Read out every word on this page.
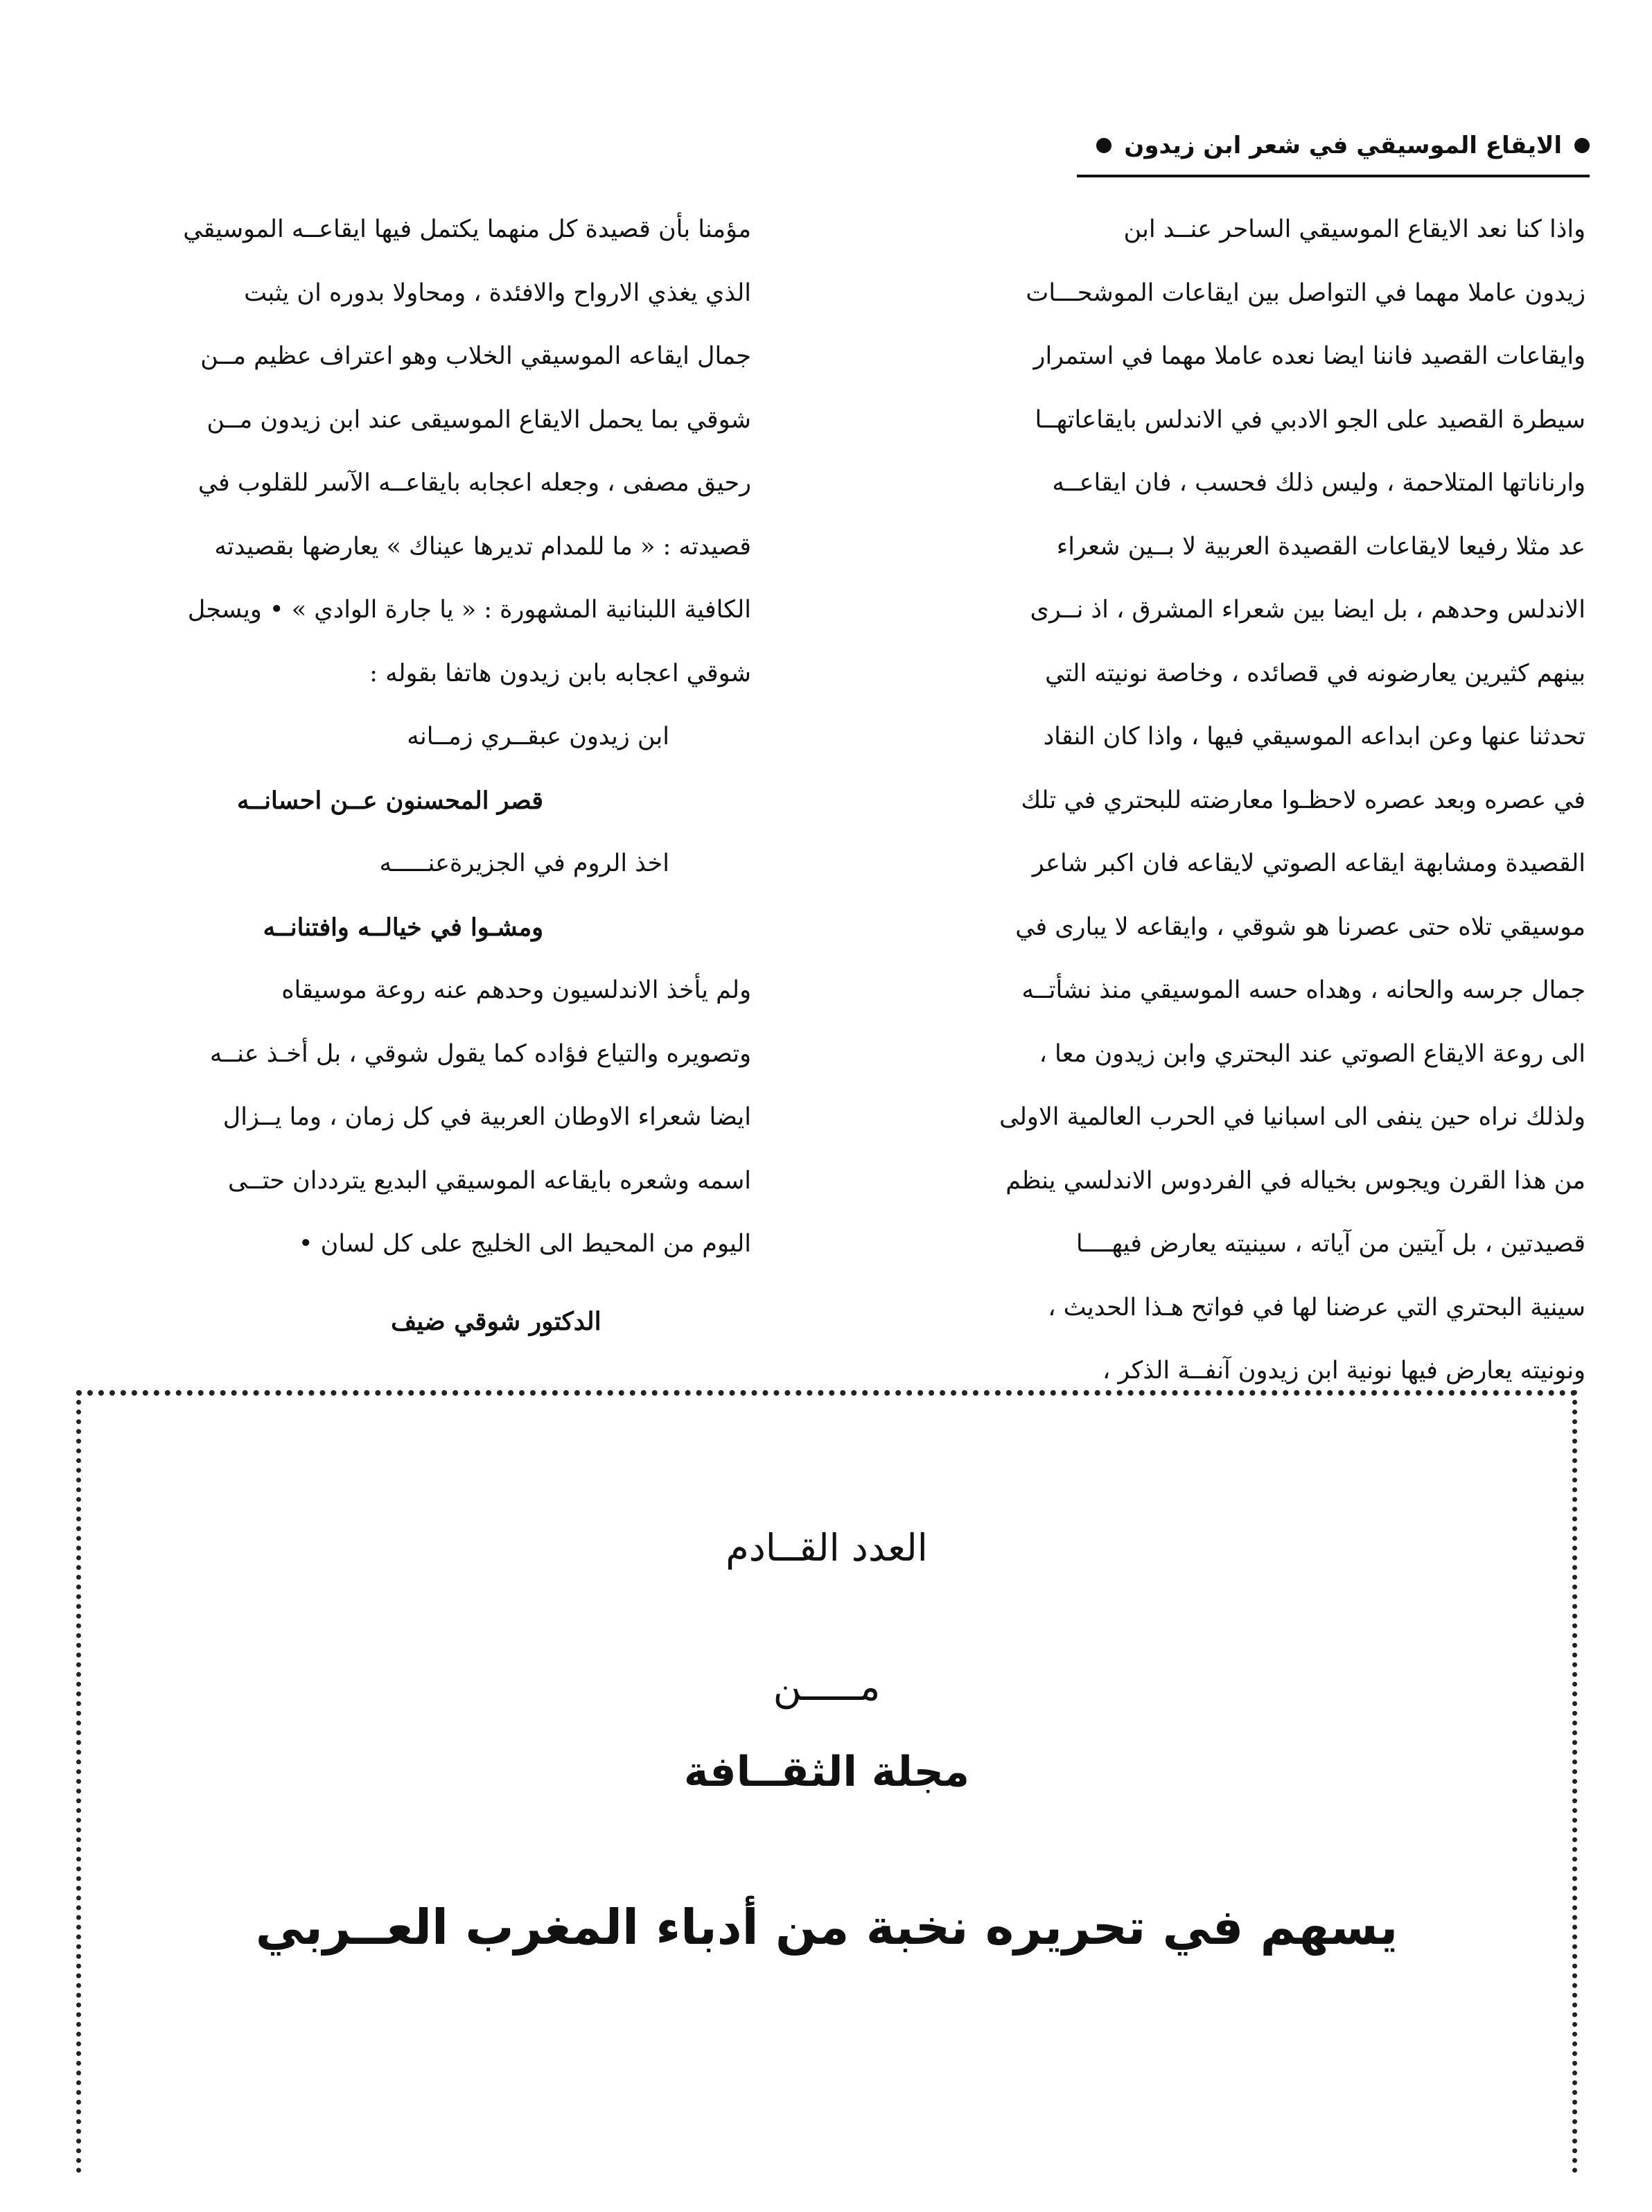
الايقاع الموسيقي في شعر ابن زيدون
واذا كنا نعد الايقاع الموسيقي الساحر عنــد ابن
زيدون عاملا مهما في التواصل بين ايقاعات الموشحـــات
وايقاعات القصيد فاننا ايضا نعده عاملا مهما في استمرار
سيطرة القصيد على الجو الادبي في الاندلس بايقاعاتهــا
وارناناتها المتلاحمة ، وليس ذلك فحسب ، فان ايقاعــه
عد مثلا رفيعا لايقاعات القصيدة العربية لا بــين شعراء
الاندلس وحدهم ، بل ايضا بين شعراء المشرق ، اذ نــرى
بينهم كثيرين يعارضونه في قصائده ، وخاصة نونيته التي
تحدثنا عنها وعن ابداعه الموسيقي فيها ، واذا كان النقاد
في عصره وبعد عصره لاحظـوا معارضته للبحتري في تلك
القصيدة ومشابهة ايقاعه الصوتي لايقاعه فان اكبر شاعر
موسيقي تلاه حتى عصرنا هو شوقي ، وايقاعه لا يبارى في
جمال جرسه والحانه ، وهداه حسه الموسيقي منذ نشأتــه
الى روعة الايقاع الصوتي عند البحتري وابن زيدون معا ،
ولذلك نراه حين ينفى الى اسبانيا في الحرب العالمية الاولى
من هذا القرن ويجوس بخياله في الفردوس الاندلسي ينظم
قصيدتين ، بل آيتين من آياته ، سينيته يعارض فيهــــا
سينية البحتري التي عرضنا لها في فواتح هـذا الحديث ،
ونونيته يعارض فيها نونية ابن زيدون آنفــة الذكر ،
مؤمنا بأن قصيدة كل منهما يكتمل فيها ايقاعــه الموسيقي
الذي يغذي الارواح والافئدة ، ومحاولا بدوره ان يثبت
جمال ايقاعه الموسيقي الخلاب وهو اعتراف عظيم مــن
شوقي بما يحمل الايقاع الموسيقى عند ابن زيدون مــن
رحيق مصفى ، وجعله اعجابه بايقاعــه الآسر للقلوب في
قصيدته : « ما للمدام تديرها عيناك » يعارضها بقصيدته
الكافية اللبنانية المشهورة : « يا جارة الوادي » • ويسجل
شوقي اعجابه بابن زيدون هاتفا بقوله :
ابن زيدون عبقــري زمــانه
قصر المحسنون عــن احسانــه
اخذ الروم في الجزيرةعنـــــه
ومشـوا في خيالــه وافتنانــه
ولم يأخذ الاندلسيون وحدهم عنه روعة موسيقاه
وتصويره والتياع فؤاده كما يقول شوقي ، بل أخـذ عنــه
ايضا شعراء الاوطان العربية في كل زمان ، وما يــزال
اسمه وشعره بايقاعه الموسيقي البديع يترددان حتــى
اليوم من المحيط الى الخليج على كل لسان •
الدكتور شوقي ضيف
العدد القــادم
مـــــن
مجلة الثقــافة
يسهم في تحريره نخبة من أدباء المغرب العــربي
